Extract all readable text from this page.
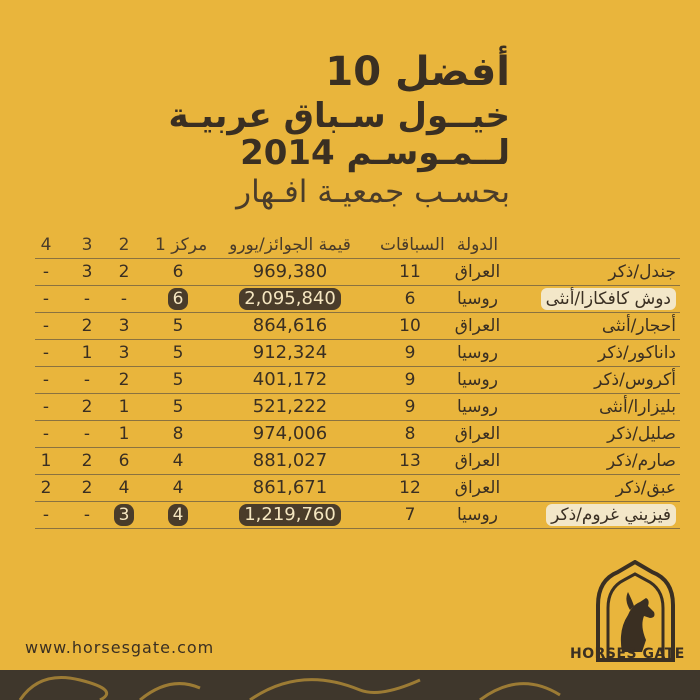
أفضل 10
خيــول سـباق عربيـة
لــمـوسـم 2014
بحسـب جمعيـة افـهار
الدولة
السباقات
قيمة الجوائز/يورو
مركز 1
2
3
4
جندل/ذكر
العراق
11
969,380
6
2
3
-
دوش كافكازا/أنثى
روسيا
6
2,095,840
6
-
-
-
أحجار/أنثى
العراق
10
864,616
5
3
2
-
داناكور/ذكر
روسيا
9
912,324
5
3
1
-
أكروس/ذكر
روسيا
9
401,172
5
2
-
-
بليزارا/أنثى
روسيا
9
521,222
5
1
2
-
صليل/ذكر
العراق
8
974,006
8
1
-
-
صارم/ذكر
العراق
13
881,027
4
6
2
1
عبق/ذكر
العراق
12
861,671
4
4
2
2
فيزيني غروم/ذكر
روسيا
7
1,219,760
4
3
-
-
www.horsesgate.com	HORSES GATE
